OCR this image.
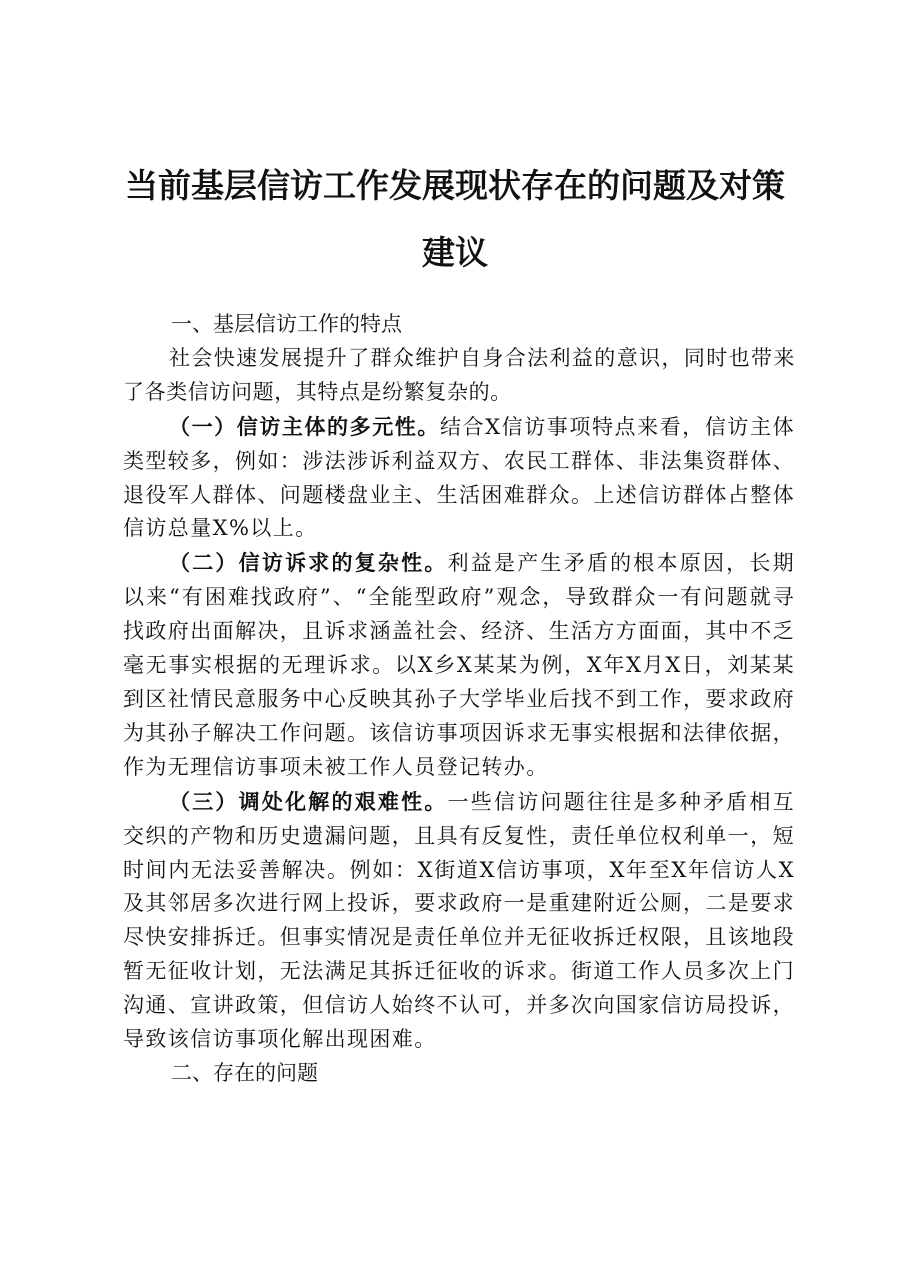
当前基层信访工作发展现状存在的问题及对策
建议
一、基层信访工作的特点

社会快速发展提升了群众维护自身合法利益的意识，同时也带来了各类信访问题，其特点是纷繁复杂的。

（一）信访主体的多元性。结合X信访事项特点来看，信访主体类型较多，例如：涉法涉诉利益双方、农民工群体、非法集资群体、退役军人群体、问题楼盘业主、生活困难群众。上述信访群体占整体信访总量X%以上。

（二）信访诉求的复杂性。利益是产生矛盾的根本原因，长期以来“有困难找政府”、“全能型政府”观念，导致群众一有问题就寻找政府出面解决，且诉求涵盖社会、经济、生活方方面面，其中不乏毫无事实根据的无理诉求。以X乡X某某为例，X年X月X日，刘某某到区社情民意服务中心反映其孙子大学毕业后找不到工作，要求政府为其孙子解决工作问题。该信访事项因诉求无事实根据和法律依据，作为无理信访事项未被工作人员登记转办。

（三）调处化解的艰难性。一些信访问题往往是多种矛盾相互交织的产物和历史遗漏问题，且具有反复性，责任单位权利单一，短时间内无法妥善解决。例如：X街道X信访事项，X年至X年信访人X及其邻居多次进行网上投诉，要求政府一是重建附近公厕，二是要求尽快安排拆迁。但事实情况是责任单位并无征收拆迁权限，且该地段暂无征收计划，无法满足其拆迁征收的诉求。街道工作人员多次上门沟通、宣讲政策，但信访人始终不认可，并多次向国家信访局投诉，导致该信访事项化解出现困难。

二、存在的问题
